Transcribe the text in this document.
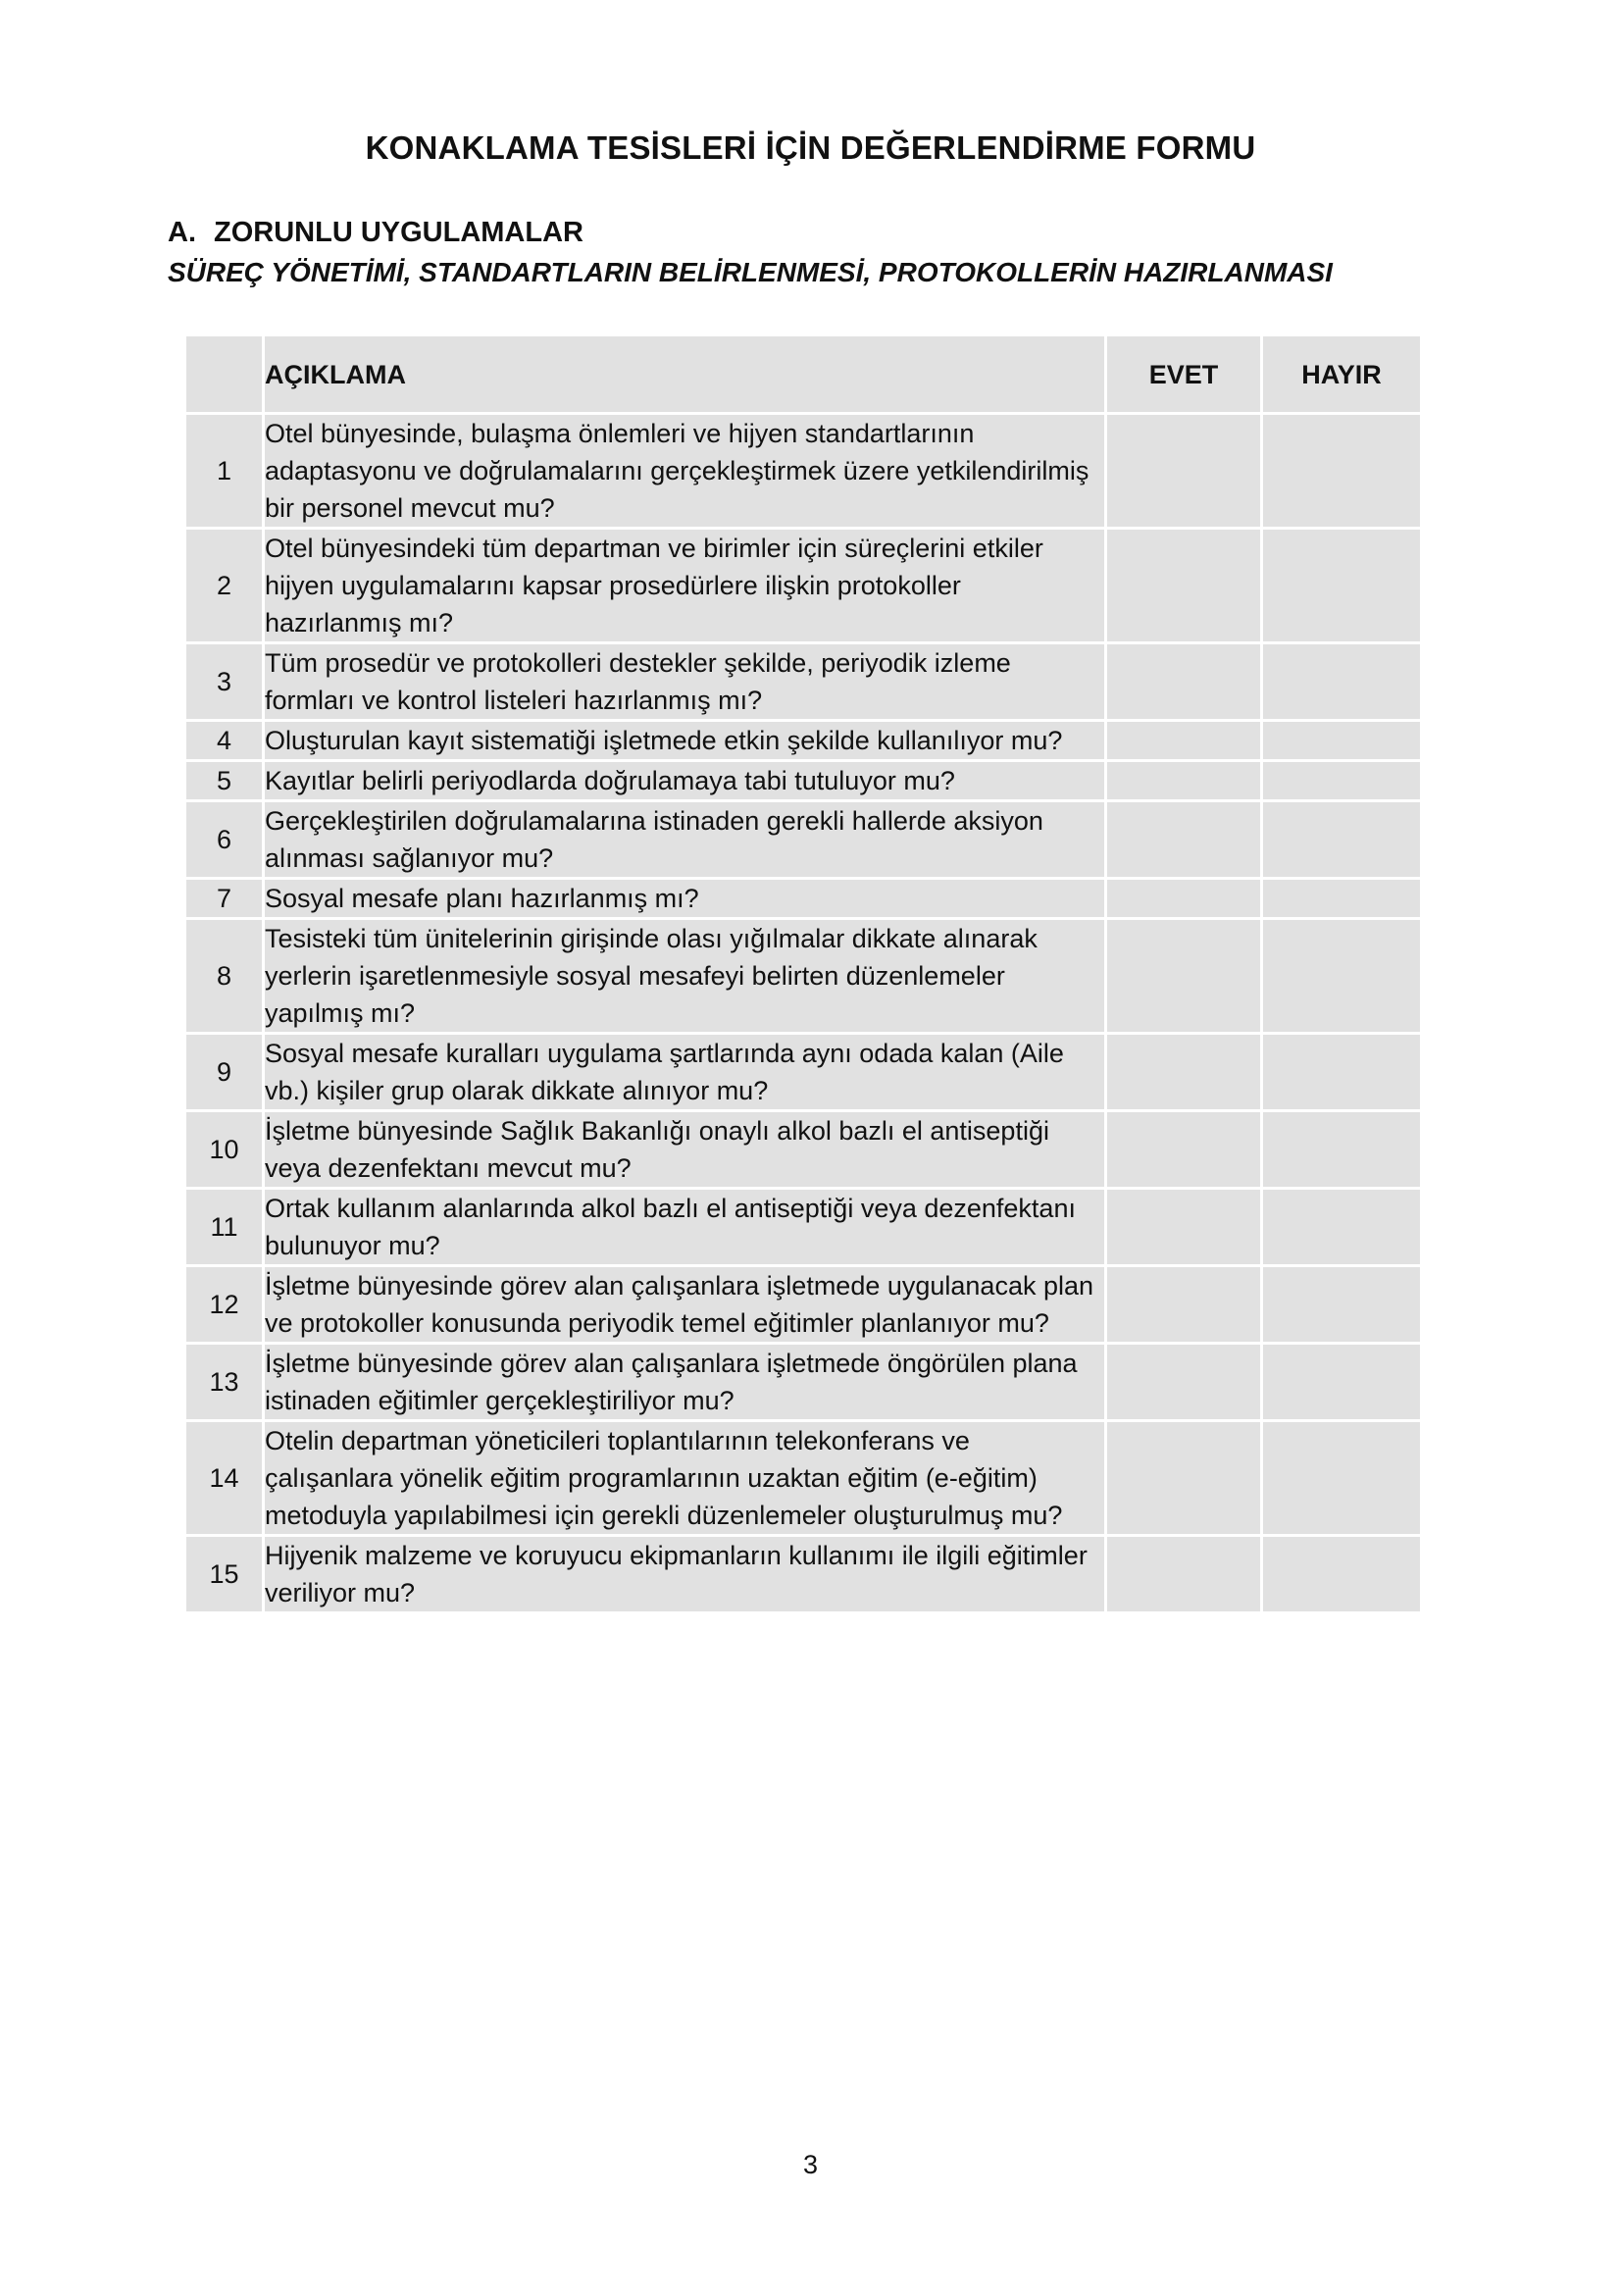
KONAKLAMA TESİSLERİ İÇİN DEĞERLENDİRME FORMU
A. ZORUNLU UYGULAMALAR
SÜREÇ YÖNETİMİ, STANDARTLARIN BELİRLENMESİ, PROTOKOLLERİN HAZIRLANMASI
	AÇIKLAMA	EVET	HAYIR
1	Otel bünyesinde, bulaşma önlemleri ve hijyen standartlarının adaptasyonu ve doğrulamalarını gerçekleştirmek üzere yetkilendirilmiş bir personel mevcut mu?		
2	Otel bünyesindeki tüm departman ve birimler için süreçlerini etkiler hijyen uygulamalarını kapsar prosedürlere ilişkin protokoller hazırlanmış mı?		
3	Tüm prosedür ve protokolleri destekler şekilde, periyodik izleme formları ve kontrol listeleri hazırlanmış mı?		
4	Oluşturulan kayıt sistematiği işletmede etkin şekilde kullanılıyor mu?		
5	Kayıtlar belirli periyodlarda doğrulamaya tabi tutuluyor mu?		
6	Gerçekleştirilen doğrulamalarına istinaden gerekli hallerde aksiyon alınması sağlanıyor mu?		
7	Sosyal mesafe planı hazırlanmış mı?		
8	Tesisteki tüm ünitelerinin girişinde olası yığılmalar dikkate alınarak yerlerin işaretlenmesiyle sosyal mesafeyi belirten düzenlemeler yapılmış mı?		
9	Sosyal mesafe kuralları uygulama şartlarında aynı odada kalan (Aile vb.) kişiler grup olarak dikkate alınıyor mu?		
10	İşletme bünyesinde Sağlık Bakanlığı onaylı alkol bazlı el antiseptiği veya dezenfektanı mevcut mu?		
11	Ortak kullanım alanlarında alkol bazlı el antiseptiği veya dezenfektanı bulunuyor mu?		
12	İşletme bünyesinde görev alan çalışanlara işletmede uygulanacak plan ve protokoller konusunda periyodik temel eğitimler planlanıyor mu?		
13	İşletme bünyesinde görev alan çalışanlara işletmede öngörülen plana istinaden eğitimler gerçekleştiriliyor mu?		
14	Otelin departman yöneticileri toplantılarının telekonferans ve çalışanlara yönelik eğitim programlarının uzaktan eğitim (e-eğitim) metoduyla yapılabilmesi için gerekli düzenlemeler oluşturulmuş mu?		
15	Hijyenik malzeme ve koruyucu ekipmanların kullanımı ile ilgili eğitimler veriliyor mu?		
3
